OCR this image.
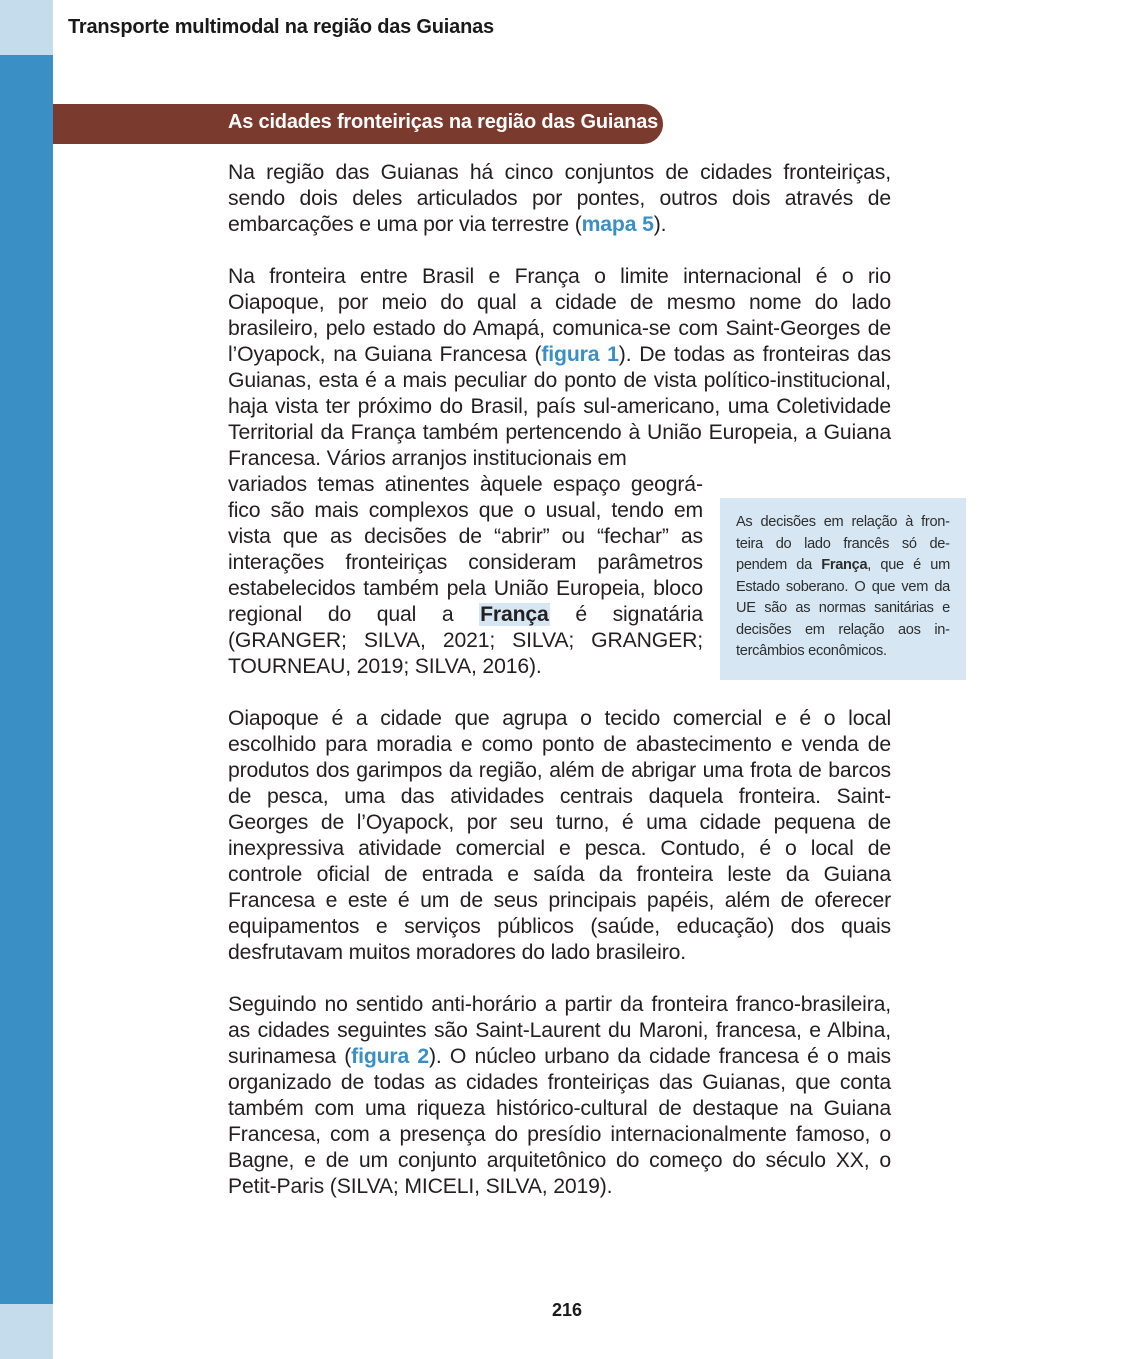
Transporte multimodal na região das Guianas
As cidades fronteiriças na região das Guianas

Na região das Guianas há cinco conjuntos de cidades fronteiriças, sendo dois deles articulados por pontes, outros dois através de embarcações e uma por via terrestre (mapa 5).

Na fronteira entre Brasil e França o limite internacional é o rio Oiapoque, por meio do qual a cidade de mesmo nome do lado brasileiro, pelo estado do Amapá, comunica-se com Saint-Georges de l’Oyapock, na Guiana Francesa (figura 1). De todas as fronteiras das Guianas, esta é a mais peculiar do ponto de vista político-institucional, haja vista ter próximo do Brasil, país sul-americano, uma Coletividade Territorial da França também pertencendo à União Europeia, a Guiana Francesa. Vários arranjos institucionais em

variados temas atinentes àquele espaço geográfico são mais complexos que o usual, tendo em vista que as decisões de “abrir” ou “fechar” as interações fronteiriças consideram parâmetros estabelecidos também pela União Europeia, bloco regional do qual a França é signatária (GRANGER; SILVA, 2021; SILVA; GRANGER; TOURNEAU, 2019; SILVA, 2016).

Oiapoque é a cidade que agrupa o tecido comercial e é o local escolhido para moradia e como ponto de abastecimento e venda de produtos dos garimpos da região, além de abrigar uma frota de barcos de pesca, uma das atividades centrais daquela fronteira. Saint-Georges de l’Oyapock, por seu turno, é uma cidade pequena de inexpressiva atividade comercial e pesca. Contudo, é o local de controle oficial de entrada e saída da fronteira leste da Guiana Francesa e este é um de seus principais papéis, além de oferecer equipamentos e serviços públicos (saúde, educação) dos quais desfrutavam muitos moradores do lado brasileiro.

Seguindo no sentido anti-horário a partir da fronteira franco-brasileira, as cidades seguintes são Saint-Laurent du Maroni, francesa, e Albina, surinamesa (figura 2). O núcleo urbano da cidade francesa é o mais organizado de todas as cidades fronteiriças das Guianas, que conta também com uma riqueza histórico-cultural de destaque na Guiana Francesa, com a presença do presídio internacionalmente famoso, o Bagne, e de um conjunto arquitetônico do começo do século XX, o Petit-Paris (SILVA; MICELI, SILVA, 2019).

As decisões em relação à fronteira do lado francês só dependem da França, que é um Estado soberano. O que vem da UE são as normas sanitárias e decisões em relação aos intercâmbios econômicos.
216
